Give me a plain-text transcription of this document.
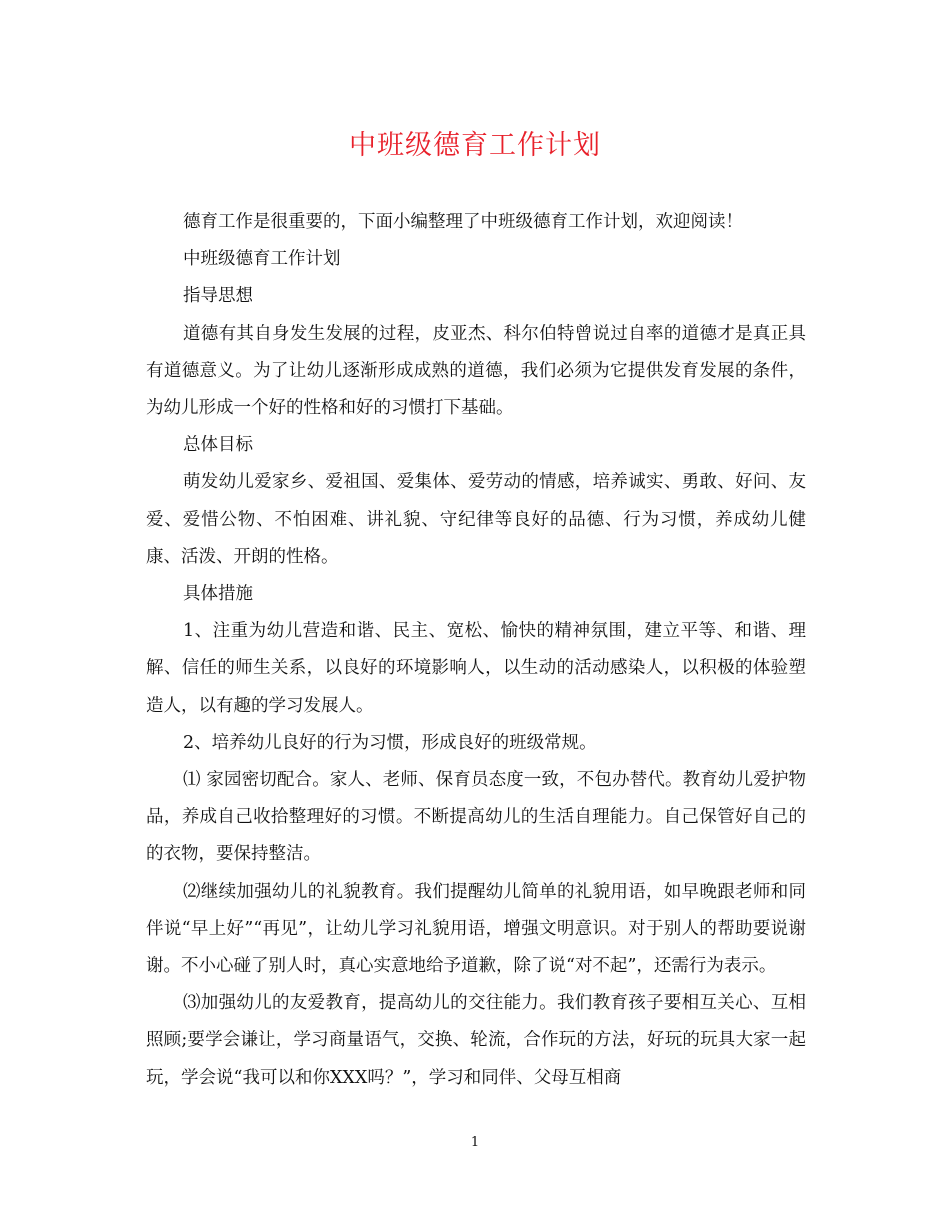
中班级德育工作计划

德育工作是很重要的，下面小编整理了中班级德育工作计划，欢迎阅读！

中班级德育工作计划

指导思想

道德有其自身发生发展的过程，皮亚杰、科尔伯特曾说过自率的道德才是真正具有道德意义。为了让幼儿逐渐形成成熟的道德，我们必须为它提供发育发展的条件，为幼儿形成一个好的性格和好的习惯打下基础。

总体目标

萌发幼儿爱家乡、爱祖国、爱集体、爱劳动的情感，培养诚实、勇敢、好问、友爱、爱惜公物、不怕困难、讲礼貌、守纪律等良好的品德、行为习惯，养成幼儿健康、活泼、开朗的性格。

具体措施

1、注重为幼儿营造和谐、民主、宽松、愉快的精神氛围，建立平等、和谐、理解、信任的师生关系，以良好的环境影响人，以生动的活动感染人，以积极的体验塑造人，以有趣的学习发展人。

2、培养幼儿良好的行为习惯，形成良好的班级常规。

⑴ 家园密切配合。家人、老师、保育员态度一致，不包办替代。教育幼儿爱护物品，养成自己收拾整理好的习惯。不断提高幼儿的生活自理能力。自己保管好自己的的衣物，要保持整洁。

⑵继续加强幼儿的礼貌教育。我们提醒幼儿简单的礼貌用语，如早晚跟老师和同伴说“早上好”“再见”，让幼儿学习礼貌用语，增强文明意识。对于别人的帮助要说谢谢。不小心碰了别人时，真心实意地给予道歉，除了说“对不起”，还需行为表示。

⑶加强幼儿的友爱教育，提高幼儿的交往能力。我们教育孩子要相互关心、互相照顾;要学会谦让，学习商量语气，交换、轮流，合作玩的方法，好玩的玩具大家一起玩，学会说“我可以和你XXX吗？”，学习和同伴、父母互相商

1
